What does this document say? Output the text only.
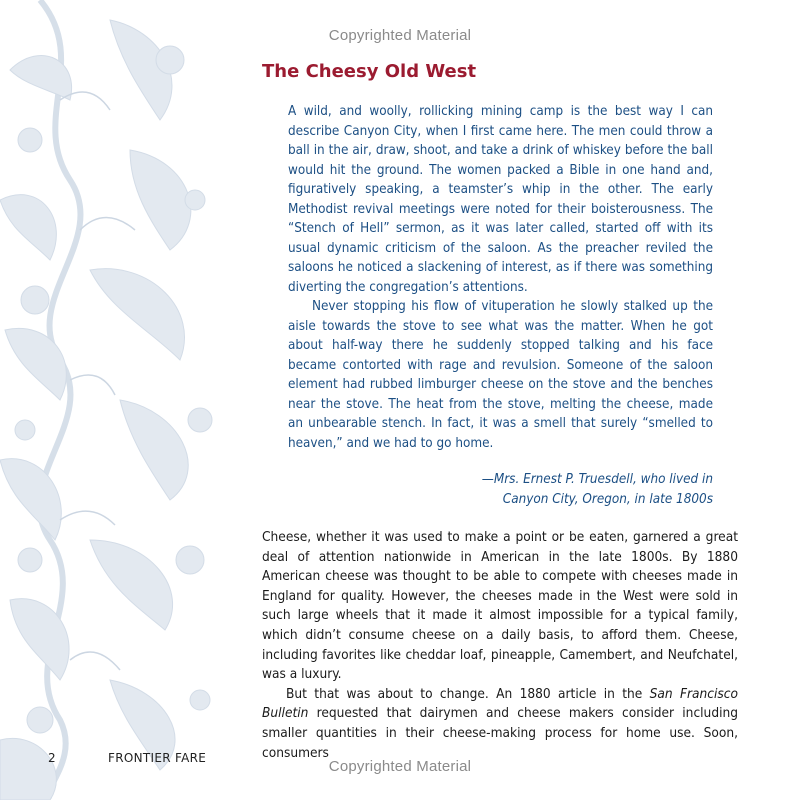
Copyrighted Material
The Cheesy Old West

A wild, and woolly, rollicking mining camp is the best way I can describe Canyon City, when I first came here. The men could throw a ball in the air, draw, shoot, and take a drink of whiskey before the ball would hit the ground. The women packed a Bible in one hand and, figuratively speaking, a teamster’s whip in the other. The early Methodist revival meetings were noted for their boisterousness. The “Stench of Hell” sermon, as it was later called, started off with its usual dynamic criticism of the saloon. As the preacher reviled the saloons he noticed a slackening of interest, as if there was something diverting the congregation’s attentions.

Never stopping his flow of vituperation he slowly stalked up the aisle towards the stove to see what was the matter. When he got about half-way there he suddenly stopped talking and his face became contorted with rage and revulsion. Someone of the saloon element had rubbed limburger cheese on the stove and the benches near the stove. The heat from the stove, melting the cheese, made an unbearable stench. In fact, it was a smell that surely “smelled to heaven,” and we had to go home.

—Mrs. Ernest P. Truesdell, who lived in
Canyon City, Oregon, in late 1800s

Cheese, whether it was used to make a point or be eaten, garnered a great deal of attention nationwide in American in the late 1800s. By 1880 American cheese was thought to be able to compete with cheeses made in England for quality. However, the cheeses made in the West were sold in such large wheels that it made it almost impossible for a typical family, which didn’t consume cheese on a daily basis, to afford them. Cheese, including favorites like cheddar loaf, pineapple, Camembert, and Neufchatel, was a luxury.

But that was about to change. An 1880 article in the San Francisco Bulletin requested that dairymen and cheese makers consider including smaller quantities in their cheese-making process for home use. Soon, consumers

2	FRONTIER FARE	Copyrighted Material
